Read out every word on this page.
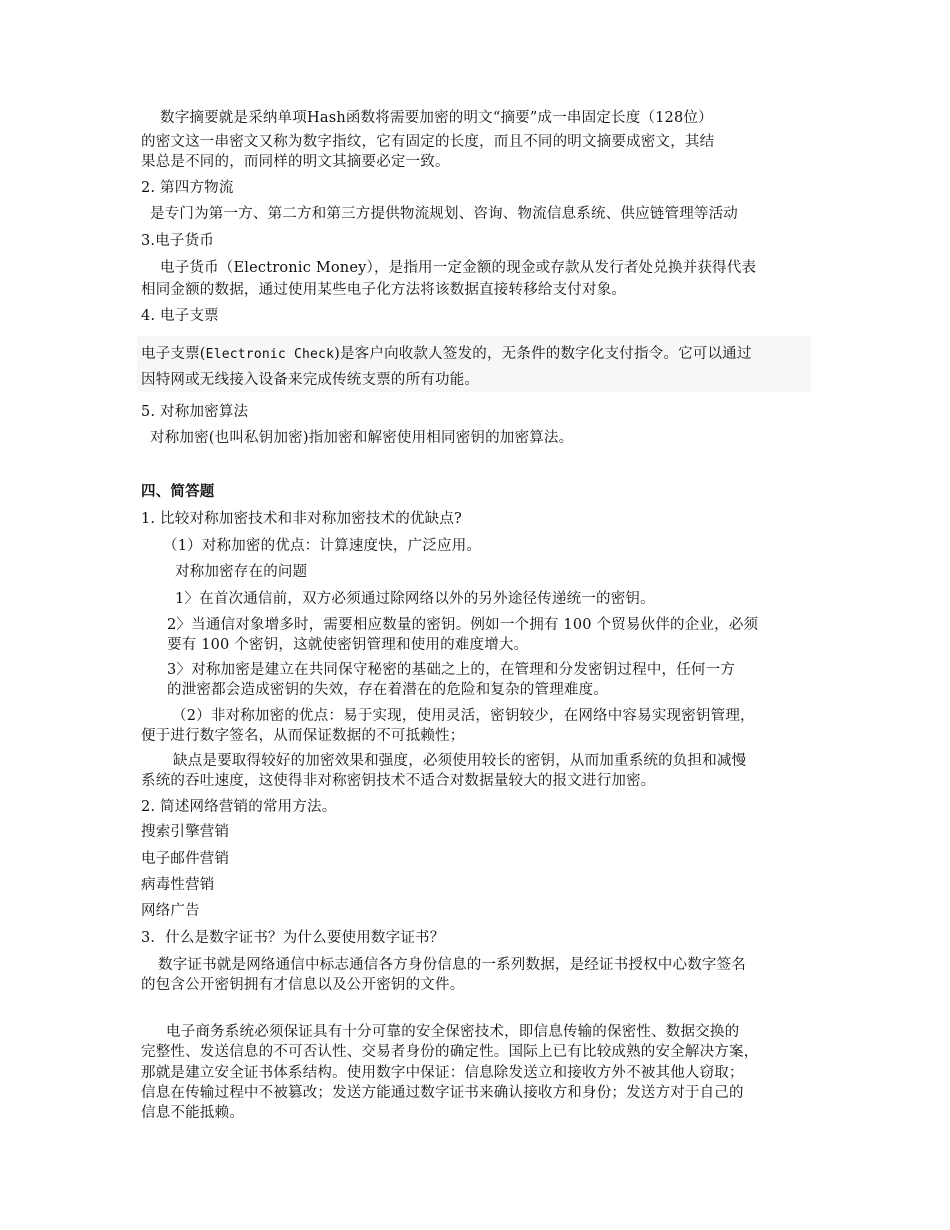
数字摘要就是采纳单项Hash函数将需要加密的明文“摘要”成一串固定长度（128位）
的密文这一串密文又称为数字指纹，它有固定的长度，而且不同的明文摘要成密文，其结
果总是不同的，而同样的明文其摘要必定一致。
2. 第四方物流
是专门为第一方、第二方和第三方提供物流规划、咨询、物流信息系统、供应链管理等活动
3.电子货币
电子货币（Electronic Money），是指用一定金额的现金或存款从发行者处兑换并获得代表
相同金额的数据，通过使用某些电子化方法将该数据直接转移给支付对象。
4. 电子支票
电子支票(Electronic Check)是客户向收款人签发的，无条件的数字化支付指令。它可以通过
因特网或无线接入设备来完成传统支票的所有功能。
5. 对称加密算法
对称加密(也叫私钥加密)指加密和解密使用相同密钥的加密算法。
四、简答题
1. 比较对称加密技术和非对称加密技术的优缺点?
（1）对称加密的优点：计算速度快，广泛应用。
对称加密存在的问题
1〉在首次通信前，双方必须通过除网络以外的另外途径传递统一的密钥。
2〉当通信对象增多时，需要相应数量的密钥。例如一个拥有 100 个贸易伙伴的企业，必须
要有 100 个密钥，这就使密钥管理和使用的难度增大。
3〉对称加密是建立在共同保守秘密的基础之上的，在管理和分发密钥过程中，任何一方
的泄密都会造成密钥的失效，存在着潜在的危险和复杂的管理难度。
（2）非对称加密的优点：易于实现，使用灵活，密钥较少，在网络中容易实现密钥管理，
便于进行数字签名，从而保证数据的不可抵赖性；
缺点是要取得较好的加密效果和强度，必须使用较长的密钥，从而加重系统的负担和减慢
系统的吞吐速度，这使得非对称密钥技术不适合对数据量较大的报文进行加密。
2. 简述网络营销的常用方法。
搜索引擎营销
电子邮件营销
病毒性营销
网络广告
3．什么是数字证书？为什么要使用数字证书？
数字证书就是网络通信中标志通信各方身份信息的一系列数据，是经证书授权中心数字签名
的包含公开密钥拥有才信息以及公开密钥的文件。
电子商务系统必须保证具有十分可靠的安全保密技术，即信息传输的保密性、数据交换的
完整性、发送信息的不可否认性、交易者身份的确定性。国际上已有比较成熟的安全解决方案，
那就是建立安全证书体系结构。使用数字中保证：信息除发送立和接收方外不被其他人窃取；
信息在传输过程中不被篡改；发送方能通过数字证书来确认接收方和身份；发送方对于自己的
信息不能抵赖。
